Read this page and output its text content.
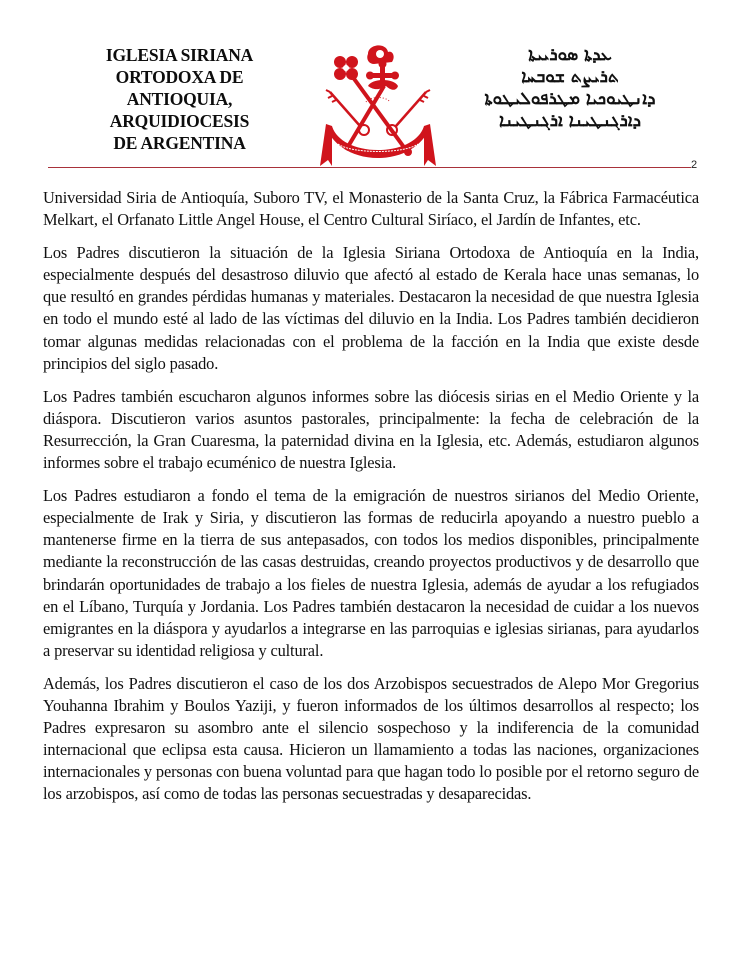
IGLESIA SIRIANA
ORTODOXA DE
ANTIOQUIA,
ARQUIDIOCESIS
DE ARGENTINA
ܥܕܬܐ ܣܘܪܝܝܬܐ
ܬܪܝܨܬ ܫܘܒܚܐ
ܕܐܢܛܝܘܟܝܐ ܡܛܪܦܘܠܝܛܘܬܐ
ܕܐܪܓܢܛܝܢܐ ܐܪܓܢܛܝܢܐ
2

Universidad Siria de Antioquía, Suboro TV, el Monasterio de la Santa Cruz, la Fábrica Farmacéutica Melkart, el Orfanato Little Angel House, el Centro Cultural Siríaco, el Jardín de Infantes, etc.

Los Padres discutieron la situación de la Iglesia Siriana Ortodoxa de Antioquía en la India, especialmente después del desastroso diluvio que afectó al estado de Kerala hace unas semanas, lo que resultó en grandes pérdidas humanas y materiales. Destacaron la necesidad de que nuestra Iglesia en todo el mundo esté al lado de las víctimas del diluvio en la India. Los Padres también decidieron tomar algunas medidas relacionadas con el problema de la facción en la India que existe desde principios del siglo pasado.

Los Padres también escucharon algunos informes sobre las diócesis sirias en el Medio Oriente y la diáspora. Discutieron varios asuntos pastorales, principalmente: la fecha de celebración de la Resurrección, la Gran Cuaresma, la paternidad divina en la Iglesia, etc. Además, estudiaron algunos informes sobre el trabajo ecuménico de nuestra Iglesia.

Los Padres estudiaron a fondo el tema de la emigración de nuestros sirianos del Medio Oriente, especialmente de Irak y Siria, y discutieron las formas de reducirla apoyando a nuestro pueblo a mantenerse firme en la tierra de sus antepasados, con todos los medios disponibles, principalmente mediante la reconstrucción de las casas destruidas, creando proyectos productivos y de desarrollo que brindarán oportunidades de trabajo a los fieles de nuestra Iglesia, además de ayudar a los refugiados en el Líbano, Turquía y Jordania. Los Padres también destacaron la necesidad de cuidar a los nuevos emigrantes en la diáspora y ayudarlos a integrarse en las parroquias e iglesias sirianas, para ayudarlos a preservar su identidad religiosa y cultural.

Además, los Padres discutieron el caso de los dos Arzobispos secuestrados de Alepo Mor Gregorius Youhanna Ibrahim y Boulos Yaziji, y fueron informados de los últimos desarrollos al respecto; los Padres expresaron su asombro ante el silencio sospechoso y la indiferencia de la comunidad internacional que eclipsa esta causa. Hicieron un llamamiento a todas las naciones, organizaciones internacionales y personas con buena voluntad para que hagan todo lo posible por el retorno seguro de los arzobispos, así como de todas las personas secuestradas y desaparecidas.
